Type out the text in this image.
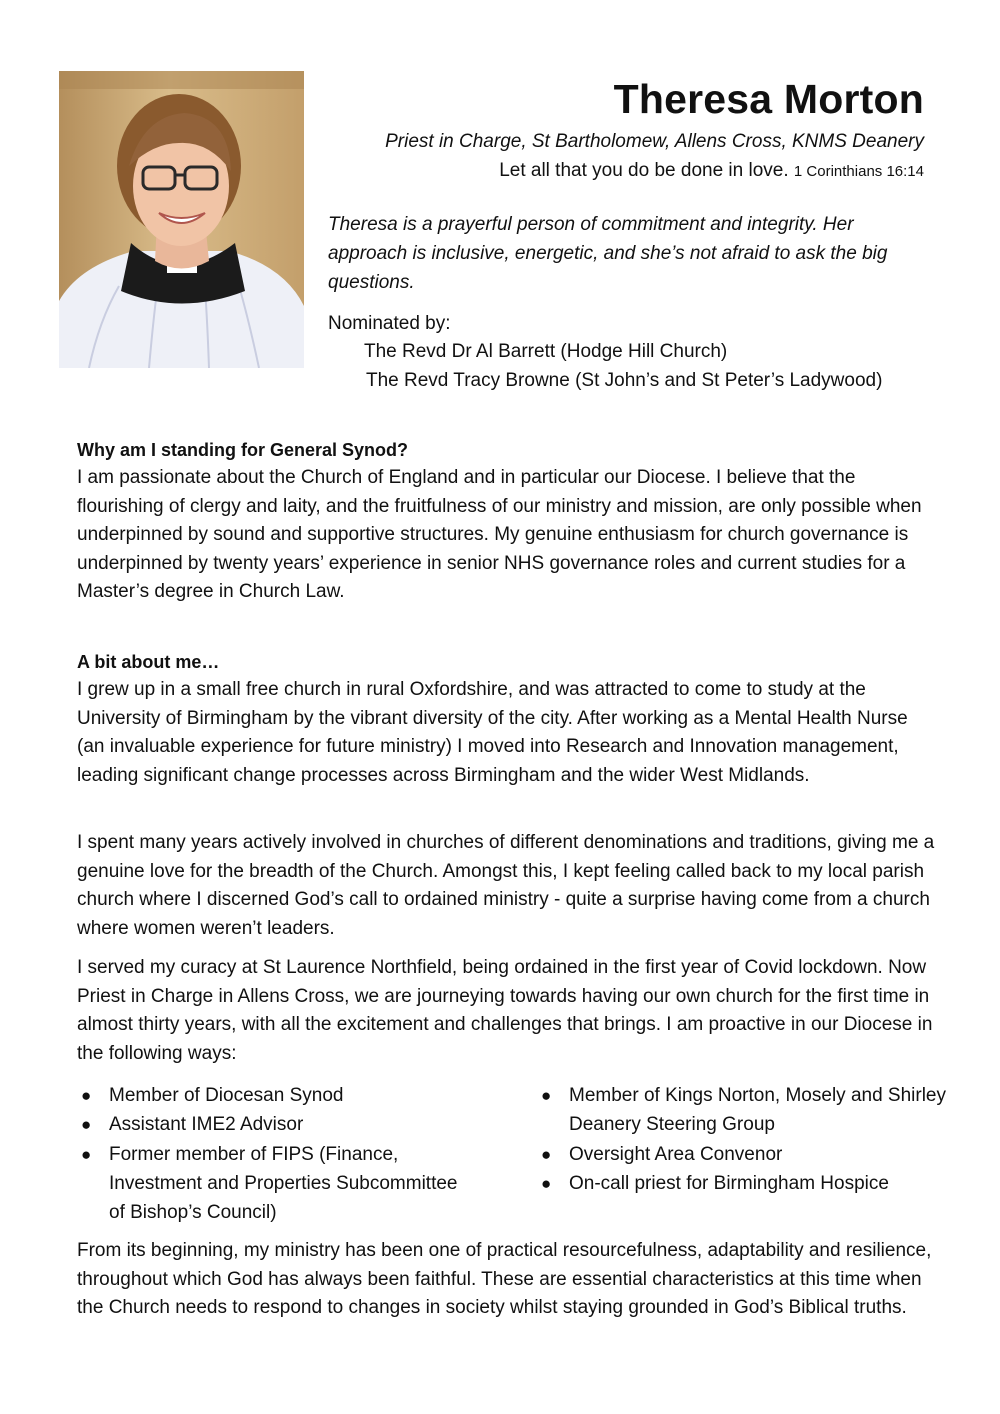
Theresa Morton
Priest in Charge, St Bartholomew, Allens Cross, KNMS Deanery
Let all that you do be done in love. 1 Corinthians 16:14
Theresa is a prayerful person of commitment and integrity. Her approach is inclusive, energetic, and she’s not afraid to ask the big questions.
Nominated by:
The Revd Dr Al Barrett (Hodge Hill Church)
The Revd Tracy Browne (St John’s and St Peter’s Ladywood)
Why am I standing for General Synod?

I am passionate about the Church of England and in particular our Diocese. I believe that the flourishing of clergy and laity, and the fruitfulness of our ministry and mission, are only possible when underpinned by sound and supportive structures. My genuine enthusiasm for church governance is underpinned by twenty years’ experience in senior NHS governance roles and current studies for a Master’s degree in Church Law.

A bit about me…

I grew up in a small free church in rural Oxfordshire, and was attracted to come to study at the University of Birmingham by the vibrant diversity of the city. After working as a Mental Health Nurse (an invaluable experience for future ministry) I moved into Research and Innovation management, leading significant change processes across Birmingham and the wider West Midlands.

I spent many years actively involved in churches of different denominations and traditions, giving me a genuine love for the breadth of the Church. Amongst this, I kept feeling called back to my local parish church where I discerned God’s call to ordained ministry - quite a surprise having come from a church where women weren’t leaders.

I served my curacy at St Laurence Northfield, being ordained in the first year of Covid lockdown. Now Priest in Charge in Allens Cross, we are journeying towards having our own church for the first time in almost thirty years, with all the excitement and challenges that brings. I am proactive in our Diocese in the following ways:

● Member of Diocesan Synod
● Assistant IME2 Advisor
● Former member of FIPS (Finance, Investment and Properties Subcommittee of Bishop’s Council)
● Member of Kings Norton, Mosely and Shirley Deanery Steering Group
● Oversight Area Convenor
● On-call priest for Birmingham Hospice

From its beginning, my ministry has been one of practical resourcefulness, adaptability and resilience, throughout which God has always been faithful. These are essential characteristics at this time when the Church needs to respond to changes in society whilst staying grounded in God’s Biblical truths.
